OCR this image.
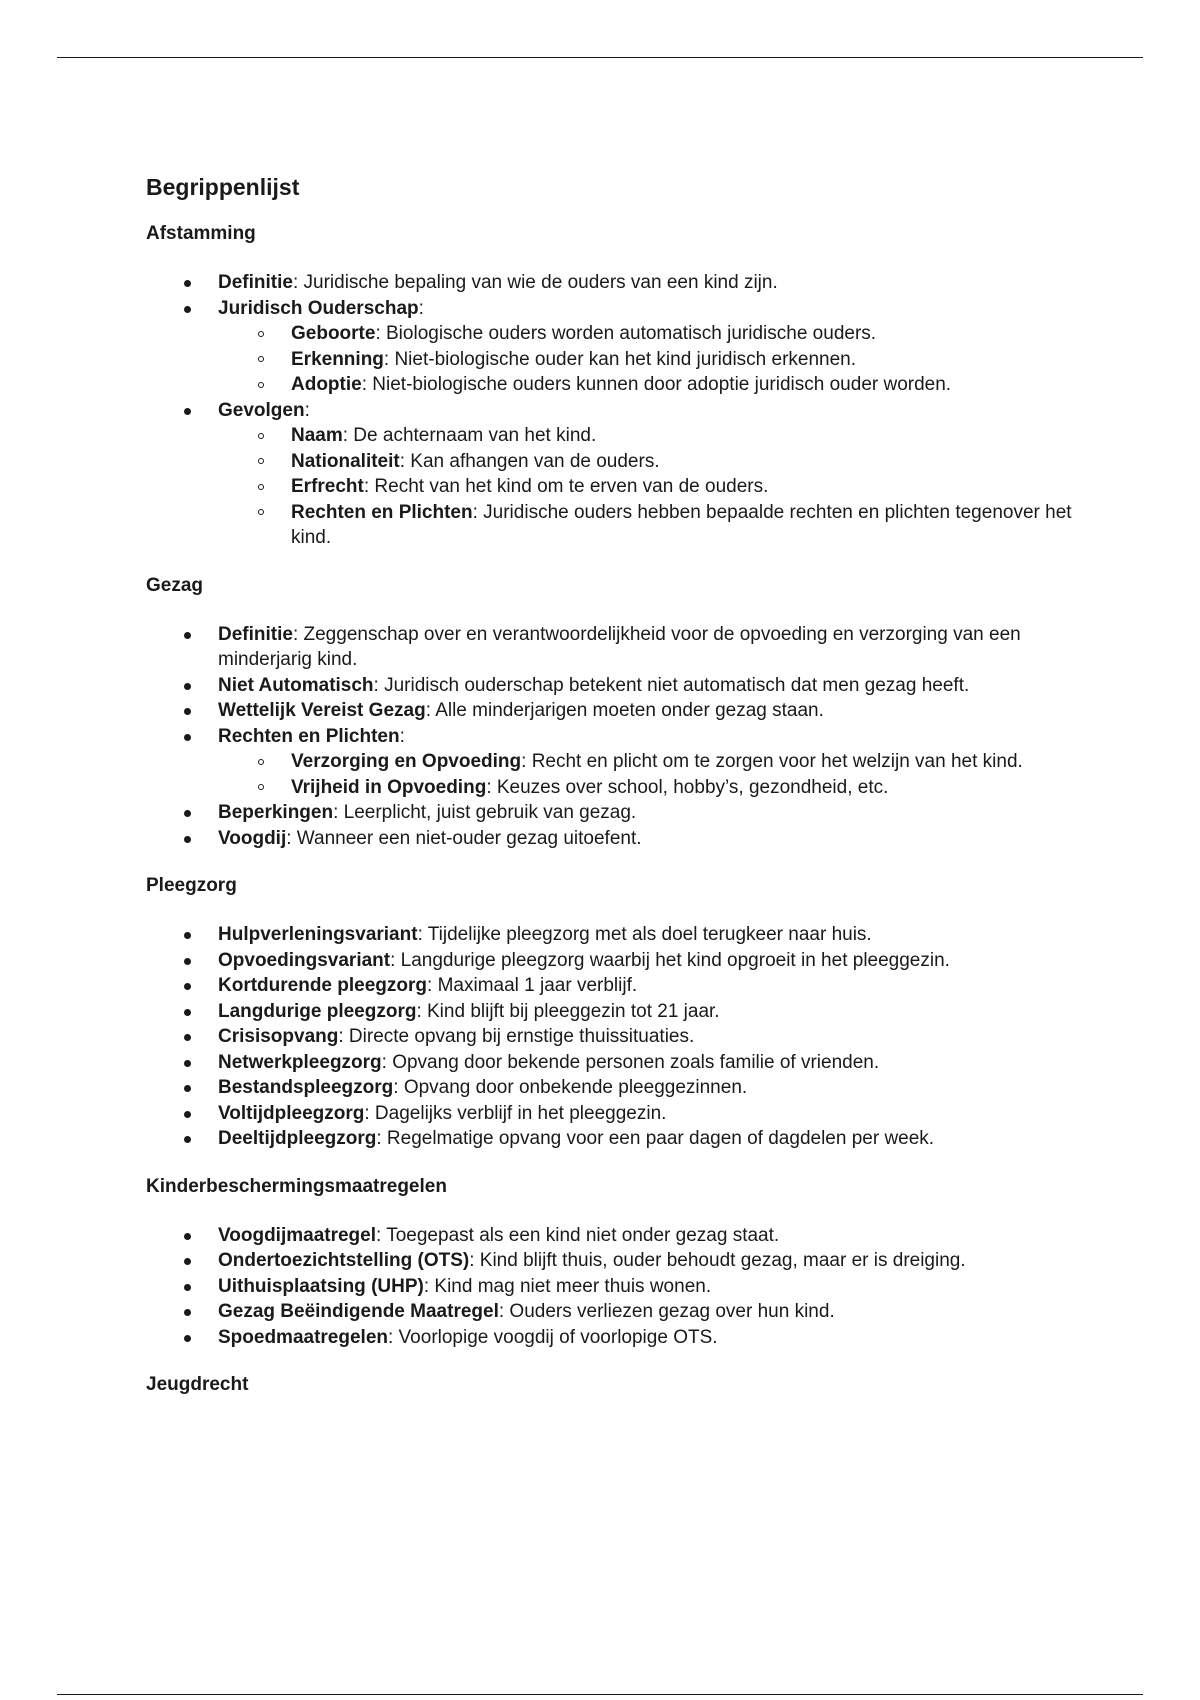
Begrippenlijst
Afstamming
Definitie: Juridische bepaling van wie de ouders van een kind zijn.
Juridisch Ouderschap:
Geboorte: Biologische ouders worden automatisch juridische ouders.
Erkenning: Niet-biologische ouder kan het kind juridisch erkennen.
Adoptie: Niet-biologische ouders kunnen door adoptie juridisch ouder worden.
Gevolgen:
Naam: De achternaam van het kind.
Nationaliteit: Kan afhangen van de ouders.
Erfrecht: Recht van het kind om te erven van de ouders.
Rechten en Plichten: Juridische ouders hebben bepaalde rechten en plichten tegenover het kind.
Gezag
Definitie: Zeggenschap over en verantwoordelijkheid voor de opvoeding en verzorging van een minderjarig kind.
Niet Automatisch: Juridisch ouderschap betekent niet automatisch dat men gezag heeft.
Wettelijk Vereist Gezag: Alle minderjarigen moeten onder gezag staan.
Rechten en Plichten:
Verzorging en Opvoeding: Recht en plicht om te zorgen voor het welzijn van het kind.
Vrijheid in Opvoeding: Keuzes over school, hobby’s, gezondheid, etc.
Beperkingen: Leerplicht, juist gebruik van gezag.
Voogdij: Wanneer een niet-ouder gezag uitoefent.
Pleegzorg
Hulpverleningsvariant: Tijdelijke pleegzorg met als doel terugkeer naar huis.
Opvoedingsvariant: Langdurige pleegzorg waarbij het kind opgroeit in het pleeggezin.
Kortdurende pleegzorg: Maximaal 1 jaar verblijf.
Langdurige pleegzorg: Kind blijft bij pleeggezin tot 21 jaar.
Crisisopvang: Directe opvang bij ernstige thuissituaties.
Netwerkpleegzorg: Opvang door bekende personen zoals familie of vrienden.
Bestandspleegzorg: Opvang door onbekende pleeggezinnen.
Voltijdpleegzorg: Dagelijks verblijf in het pleeggezin.
Deeltijdpleegzorg: Regelmatige opvang voor een paar dagen of dagdelen per week.
Kinderbeschermingsmaatregelen
Voogdijmaatregel: Toegepast als een kind niet onder gezag staat.
Ondertoezichtstelling (OTS): Kind blijft thuis, ouder behoudt gezag, maar er is dreiging.
Uithuisplaatsing (UHP): Kind mag niet meer thuis wonen.
Gezag Beëindigende Maatregel: Ouders verliezen gezag over hun kind.
Spoedmaatregelen: Voorlopige voogdij of voorlopige OTS.
Jeugdrecht
